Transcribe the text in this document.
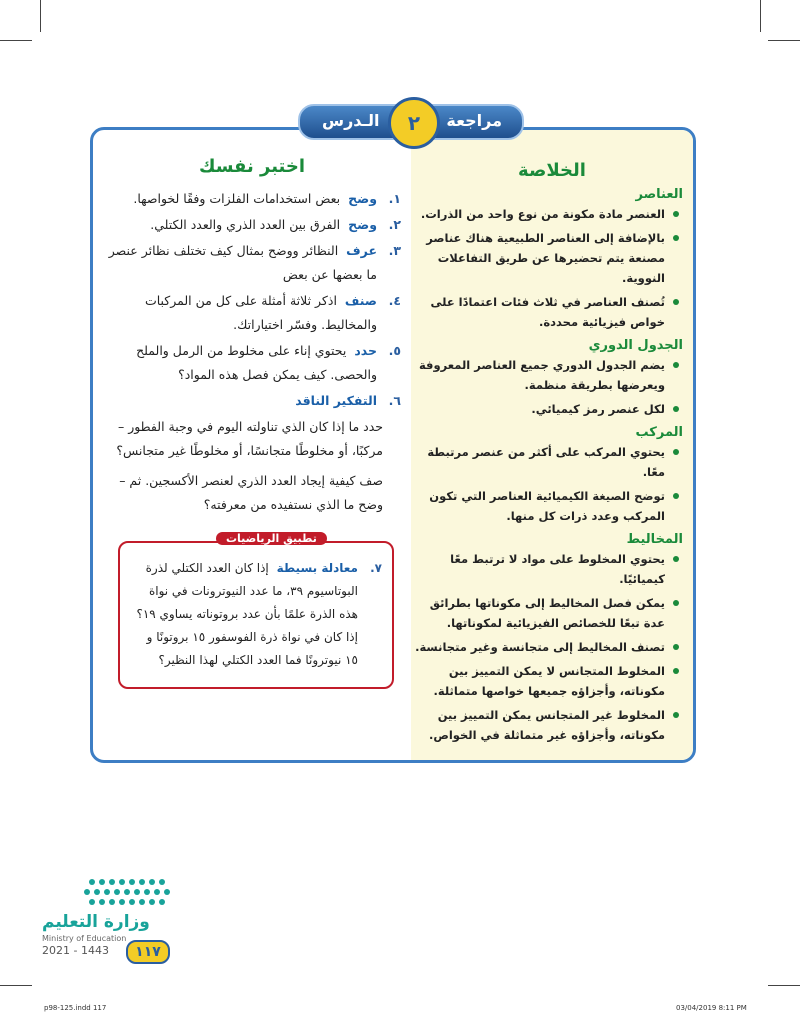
الخلاصة
العناصر
العنصر مادة مكونة من نوع واحد من الذرات.
بالإضافة إلى العناصر الطبيعية هناك عناصر مصنعة يتم تحضيرها عن طريق التفاعلات النووية.
تُصنف العناصر في ثلاث فئات اعتمادًا على خواص فيزيائية محددة.
الجدول الدوري
يضم الجدول الدوري جميع العناصر المعروفة ويعرضها بطريقة منظمة.
لكل عنصر رمز كيميائي.
المركب
يحتوي المركب على أكثر من عنصر مرتبطة معًا.
توضح الصيغة الكيميائية العناصر التي تكون المركب وعدد ذرات كل منها.
المخاليط
يحتوي المخلوط على مواد لا ترتبط معًا كيميائيًا.
يمكن فصل المخاليط إلى مكوناتها بطرائق عدة تبعًا للخصائص الفيزيائية لمكوناتها.
تصنف المخاليط إلى متجانسة وغير متجانسة.
المخلوط المتجانس لا يمكن التمييز بين مكوناته، وأجزاؤه جميعها خواصها متماثلة.
المخلوط غير المتجانس يمكن التمييز بين مكوناته، وأجزاؤه غير متماثلة في الخواص.
اختبر نفسك
١.
وضح بعض استخدامات الفلزات وفقًا لخواصها.
٢.
وضح الفرق بين العدد الذري والعدد الكتلي.
٣.
عرف النظائر ووضح بمثال كيف تختلف نظائر عنصر ما بعضها عن بعض
٤.
صنف اذكر ثلاثة أمثلة على كل من المركبات والمخاليط. وفسّر اختياراتك.
٥.
حدد يحتوي إناء على مخلوط من الرمل والملح والحصى. كيف يمكن فصل هذه المواد؟
٦.
التفكير الناقد
– حدد ما إذا كان الذي تناولته اليوم في وجبة الفطور مركبًا، أو مخلوطًا متجانسًا، أو مخلوطًا غير متجانس؟
– صف كيفية إيجاد العدد الذري لعنصر الأكسجين. ثم وضح ما الذي نستفيده من معرفته؟
تطبيق الرياضيات
٧.
معادلة بسيطة إذا كان العدد الكتلي لذرة البوتاسيوم ٣٩، ما عدد النيوترونات في نواة هذه الذرة علمًا بأن عدد بروتوناته يساوي ١٩؟ إذا كان في نواة ذرة الفوسفور ١٥ بروتونًا و ١٥ نيوترونًا فما العدد الكتلي لهذا النظير؟
مراجعة
٢
الـدرس
وزارة التعليم
Ministry of Education
2021 - 1443	١١٧
p98-125.indd 117	03/04/2019 8:11 PM
